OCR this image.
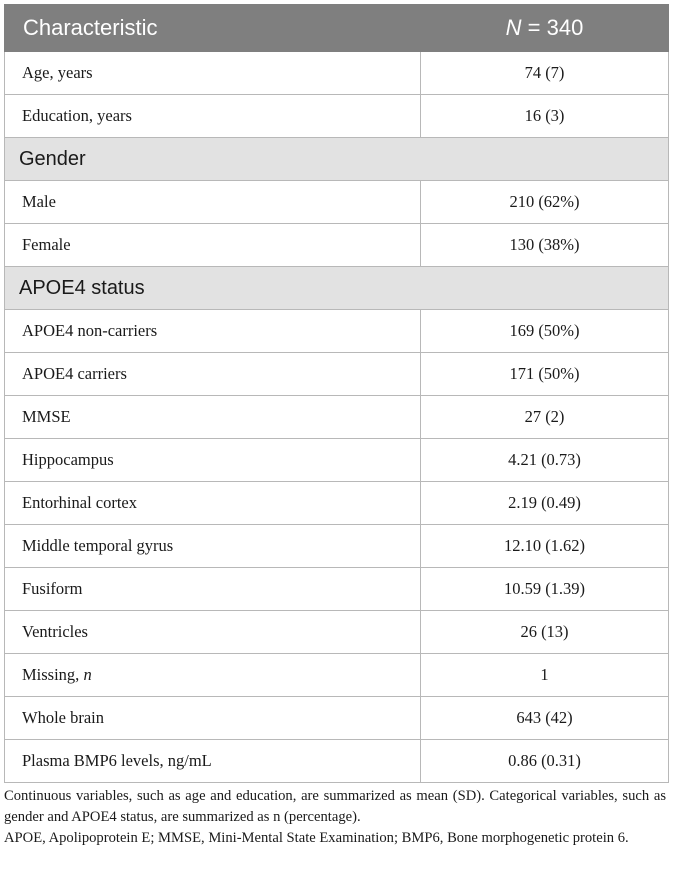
Characteristic	N = 340
Age, years	74 (7)
Education, years	16 (3)
Gender	
Male	210 (62%)
Female	130 (38%)
APOE4 status	
APOE4 non-carriers	169 (50%)
APOE4 carriers	171 (50%)
MMSE	27 (2)
Hippocampus	4.21 (0.73)
Entorhinal cortex	2.19 (0.49)
Middle temporal gyrus	12.10 (1.62)
Fusiform	10.59 (1.39)
Ventricles	26 (13)
Missing, n	1
Whole brain	643 (42)
Plasma BMP6 levels, ng/mL	0.86 (0.31)

Continuous variables, such as age and education, are summarized as mean (SD). Categorical variables, such as gender and APOE4 status, are summarized as n (percentage).

APOE, Apolipoprotein E; MMSE, Mini-Mental State Examination; BMP6, Bone morphogenetic protein 6.
